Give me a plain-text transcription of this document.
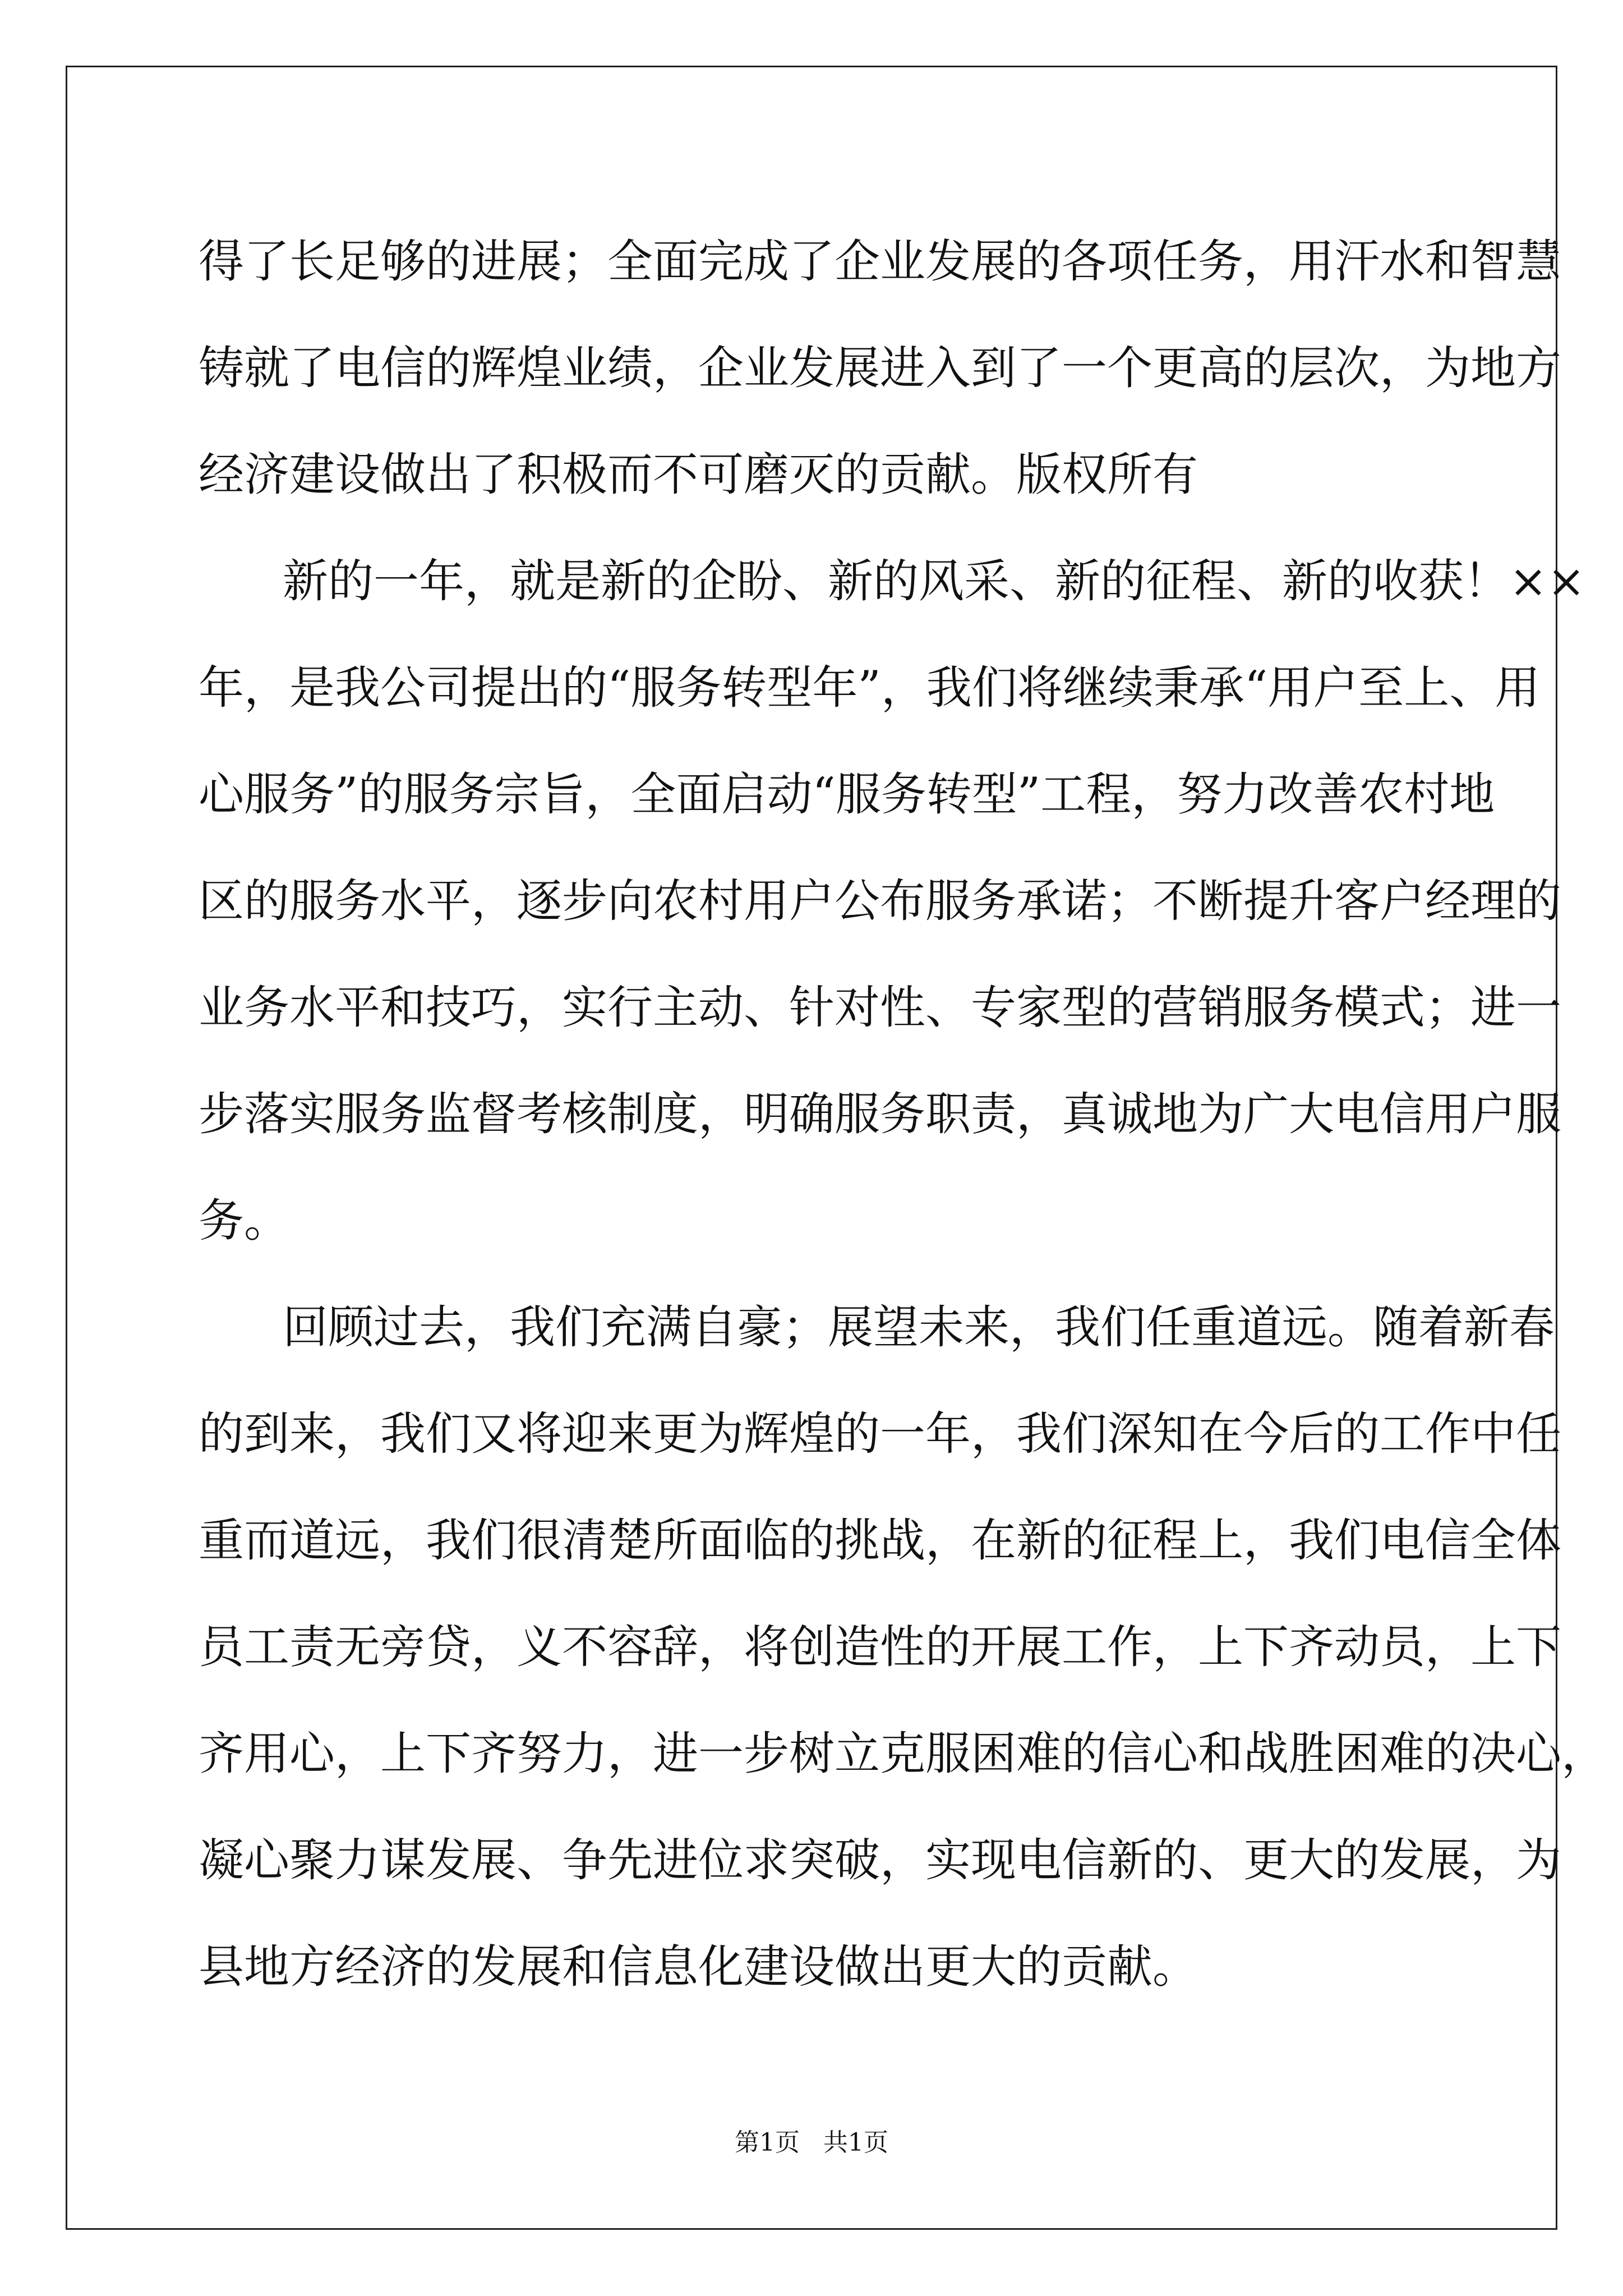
得了长足够的进展；全面完成了企业发展的各项任务，用汗水和智慧
铸就了电信的辉煌业绩，企业发展进入到了一个更高的层次，为地方
经济建设做出了积极而不可磨灭的贡献。版权所有
新的一年，就是新的企盼、新的风采、新的征程、新的收获！××
年，是我公司提出的“服务转型年”，我们将继续秉承“用户至上、用
心服务”的服务宗旨，全面启动“服务转型”工程，努力改善农村地
区的服务水平，逐步向农村用户公布服务承诺；不断提升客户经理的
业务水平和技巧，实行主动、针对性、专家型的营销服务模式；进一
步落实服务监督考核制度，明确服务职责，真诚地为广大电信用户服
务。
回顾过去，我们充满自豪；展望未来，我们任重道远。随着新春
的到来，我们又将迎来更为辉煌的一年，我们深知在今后的工作中任
重而道远，我们很清楚所面临的挑战，在新的征程上，我们电信全体
员工责无旁贷，义不容辞，将创造性的开展工作，上下齐动员，上下
齐用心，上下齐努力，进一步树立克服困难的信心和战胜困难的决心，
凝心聚力谋发展、争先进位求突破，实现电信新的、更大的发展，为
县地方经济的发展和信息化建设做出更大的贡献。
第1页   共1页
